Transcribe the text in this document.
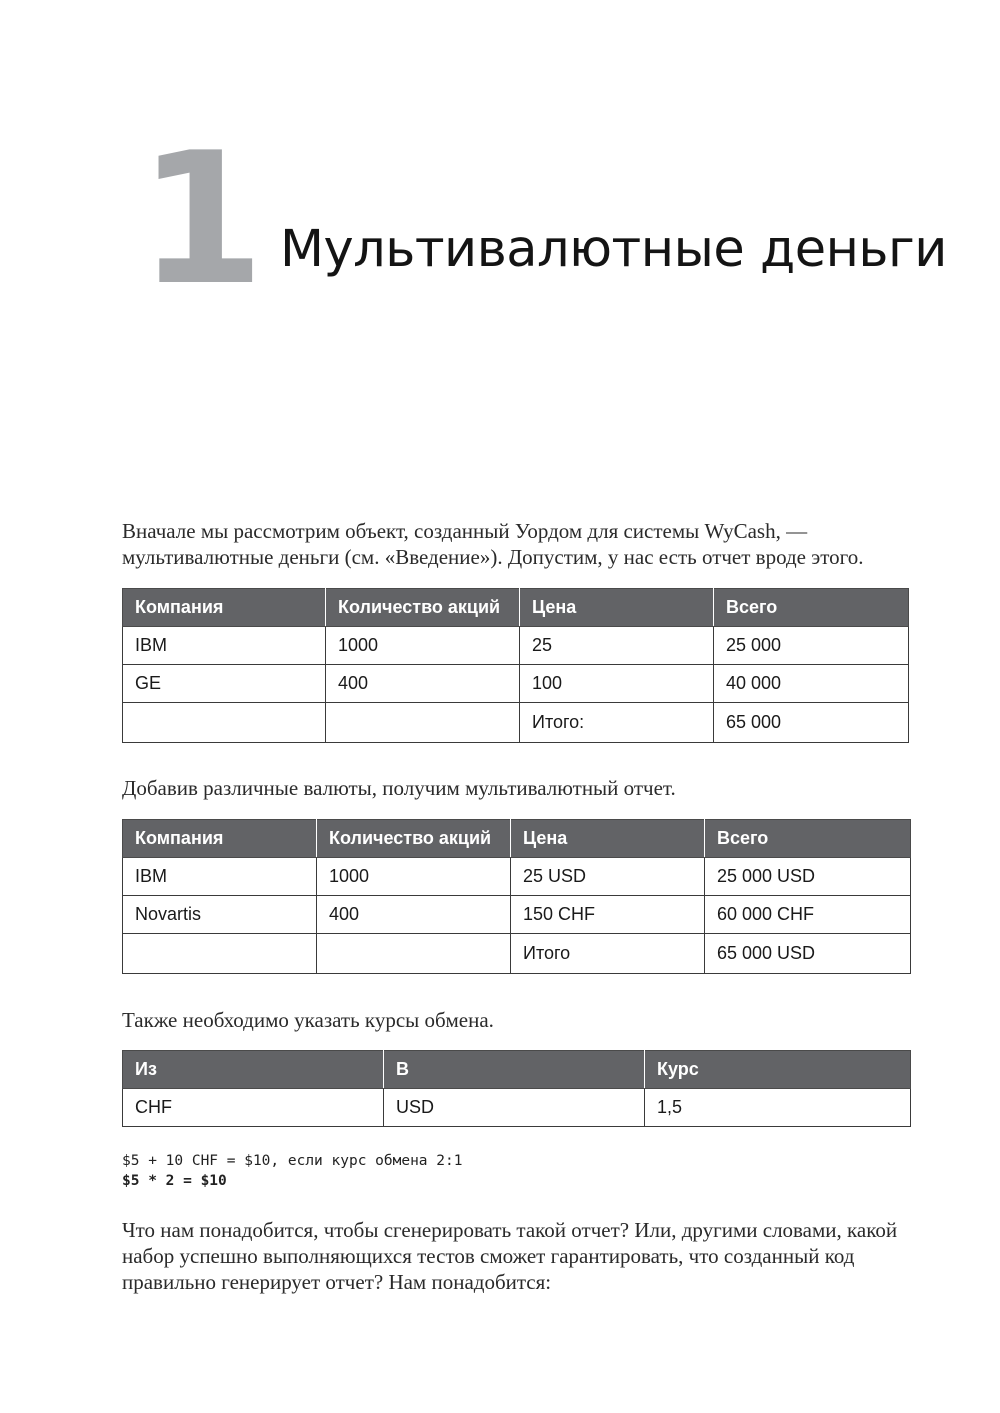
1 Мультивалютные деньги

Вначале мы рассмотрим объект, созданный Уордом для системы WyCash, — мультивалютные деньги (см. «Введение»). Допустим, у нас есть отчет вроде этого.

Компания	Количество акций	Цена	Всего
IBM	1000	25	25 000
GE	400	100	40 000
		Итого:	65 000

Добавив различные валюты, получим мультивалютный отчет.

Компания	Количество акций	Цена	Всего
IBM	1000	25 USD	25 000 USD
Novartis	400	150 CHF	60 000 CHF
		Итого	65 000 USD

Также необходимо указать курсы обмена.

Из	В	Курс
CHF	USD	1,5
$5 + 10 CHF = $10, если курс обмена 2:1
$5 * 2 = $10

Что нам понадобится, чтобы сгенерировать такой отчет? Или, другими словами, какой набор успешно выполняющихся тестов сможет гарантировать, что созданный код правильно генерирует отчет? Нам понадобится:
